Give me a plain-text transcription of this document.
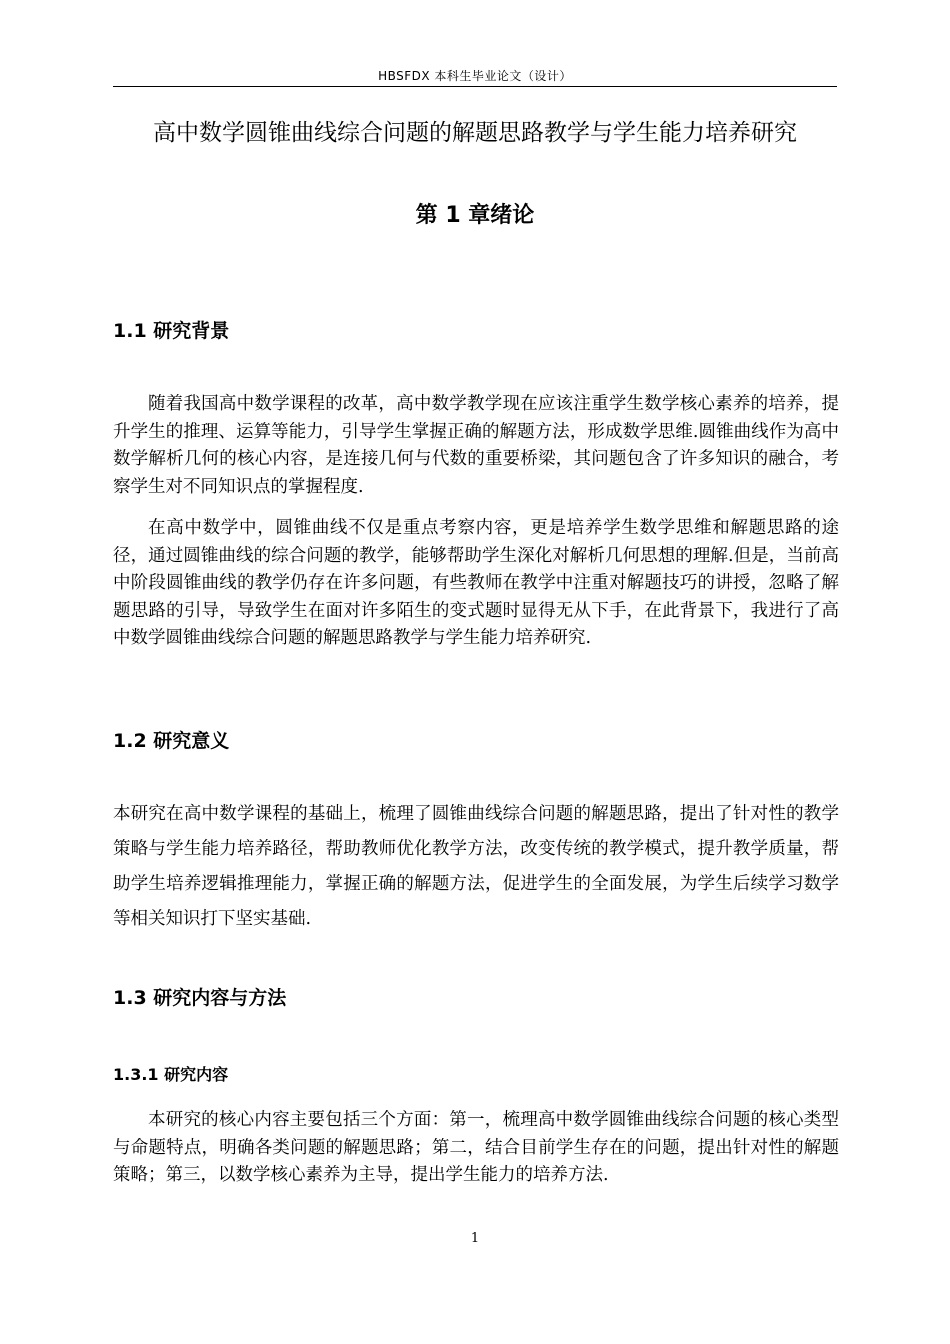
HBSFDX 本科生毕业论文（设计）
高中数学圆锥曲线综合问题的解题思路教学与学生能力培养研究
第 1 章绪论
1.1 研究背景

随着我国高中数学课程的改革，高中数学教学现在应该注重学生数学核心素养的培养，提升学生的推理、运算等能力，引导学生掌握正确的解题方法，形成数学思维.圆锥曲线作为高中数学解析几何的核心内容，是连接几何与代数的重要桥梁，其问题包含了许多知识的融合，考察学生对不同知识点的掌握程度.

在高中数学中，圆锥曲线不仅是重点考察内容，更是培养学生数学思维和解题思路的途径，通过圆锥曲线的综合问题的教学，能够帮助学生深化对解析几何思想的理解.但是，当前高中阶段圆锥曲线的教学仍存在许多问题，有些教师在教学中注重对解题技巧的讲授，忽略了解题思路的引导，导致学生在面对许多陌生的变式题时显得无从下手，在此背景下，我进行了高中数学圆锥曲线综合问题的解题思路教学与学生能力培养研究.

1.2 研究意义

本研究在高中数学课程的基础上，梳理了圆锥曲线综合问题的解题思路，提出了针对性的教学策略与学生能力培养路径，帮助教师优化教学方法，改变传统的教学模式，提升教学质量，帮助学生培养逻辑推理能力，掌握正确的解题方法，促进学生的全面发展，为学生后续学习数学等相关知识打下坚实基础.

1.3 研究内容与方法
1.3.1 研究内容

本研究的核心内容主要包括三个方面：第一，梳理高中数学圆锥曲线综合问题的核心类型与命题特点，明确各类问题的解题思路；第二，结合目前学生存在的问题，提出针对性的解题策略；第三，以数学核心素养为主导，提出学生能力的培养方法.

1
